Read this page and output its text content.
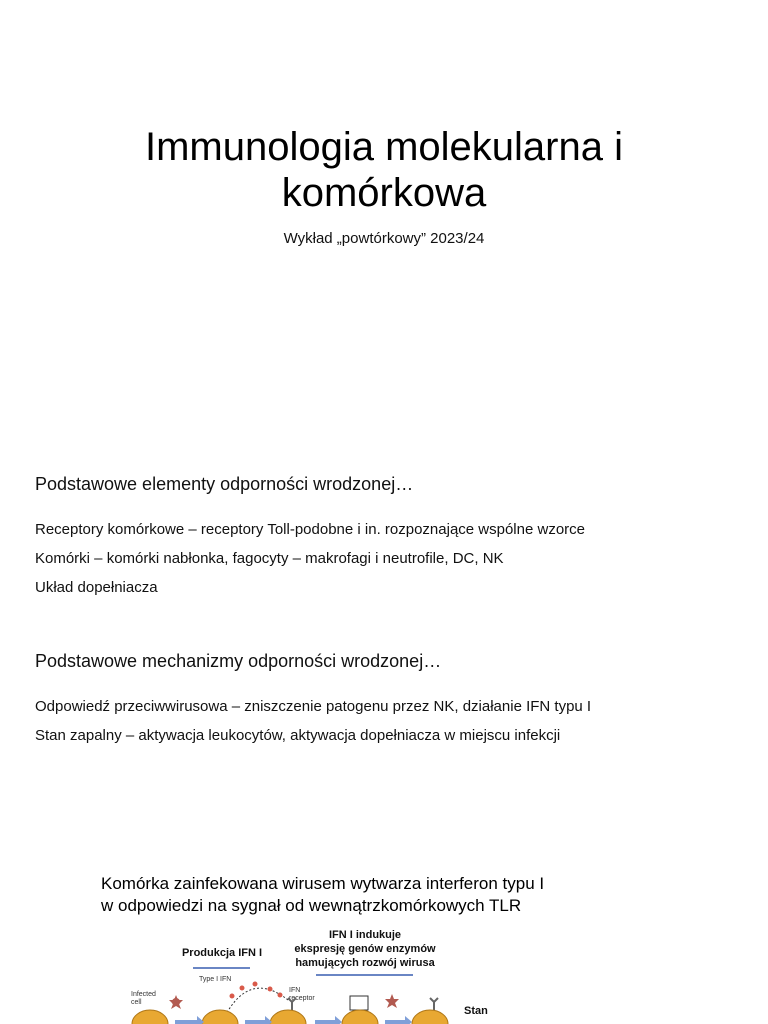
Immunologia molekularna i
komórkowa
Wykład „powtórkowy” 2023/24
Podstawowe elementy odporności wrodzonej…
Receptory komórkowe – receptory Toll-podobne i in. rozpoznające wspólne wzorce
Komórki – komórki nabłonka, fagocyty – makrofagi i neutrofile, DC, NK
Układ dopełniacza
Podstawowe mechanizmy odporności wrodzonej…
Odpowiedź przeciwwirusowa – zniszczenie patogenu przez NK, działanie IFN typu I
Stan zapalny – aktywacja leukocytów, aktywacja dopełniacza w miejscu infekcji
Komórka zainfekowana wirusem wytwarza interferon typu I
w odpowiedzi na sygnał od wewnątrzkomórkowych TLR
Produkcja IFN I
IFN I indukuje
ekspresję genów enzymów
hamujących rozwój wirusa
Stan
Infected
cell
Type I IFN
IFN
receptor
